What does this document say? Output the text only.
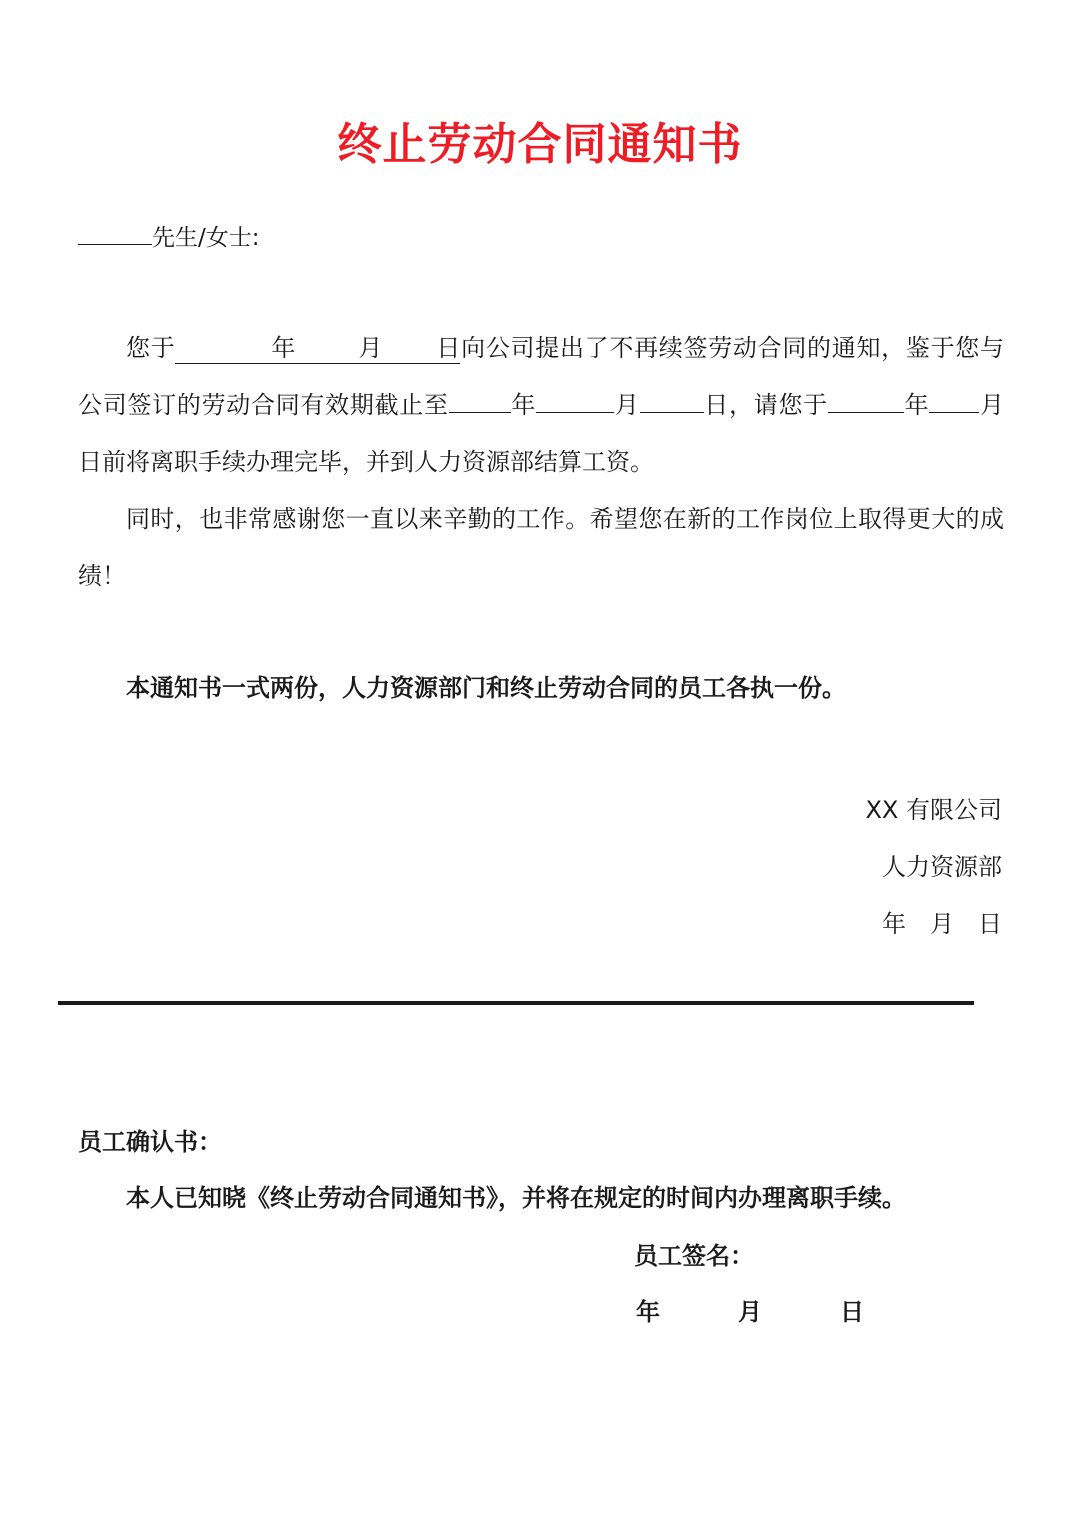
终止劳动合同通知书
先生/女士:

您于	年	月 日向公司提出了不再续签劳动合同的通知，鉴于您与公司签订的劳动合同有效期截止至	年	月	日，请您于	年 月日前将离职手续办理完毕，并到人力资源部结算工资。

同时，也非常感谢您一直以来辛勤的工作。希望您在新的工作岗位上取得更大的成绩！

本通知书一式两份，人力资源部门和终止劳动合同的员工各执一份。
XX 有限公司
人力资源部
年　月　日
员工确认书：
本人已知晓《终止劳动合同通知书》，并将在规定的时间内办理离职手续。
员工签名：
年	月	日
